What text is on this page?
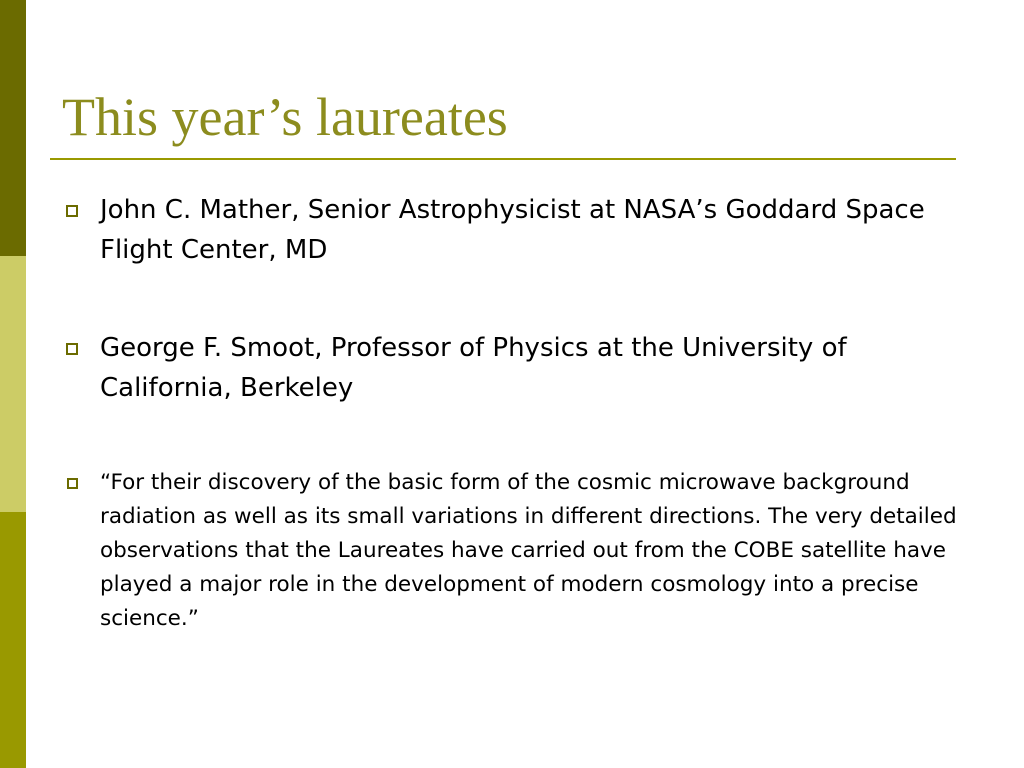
This year’s laureates
John C. Mather, Senior Astrophysicist at NASA’s Goddard Space Flight Center, MD
George F. Smoot, Professor of Physics at the University of California, Berkeley
“For their discovery of the basic form of the cosmic microwave background radiation as well as its small variations in different directions. The very detailed observations that the Laureates have carried out from the COBE satellite have played a major role in the development of modern cosmology into a precise science.”
